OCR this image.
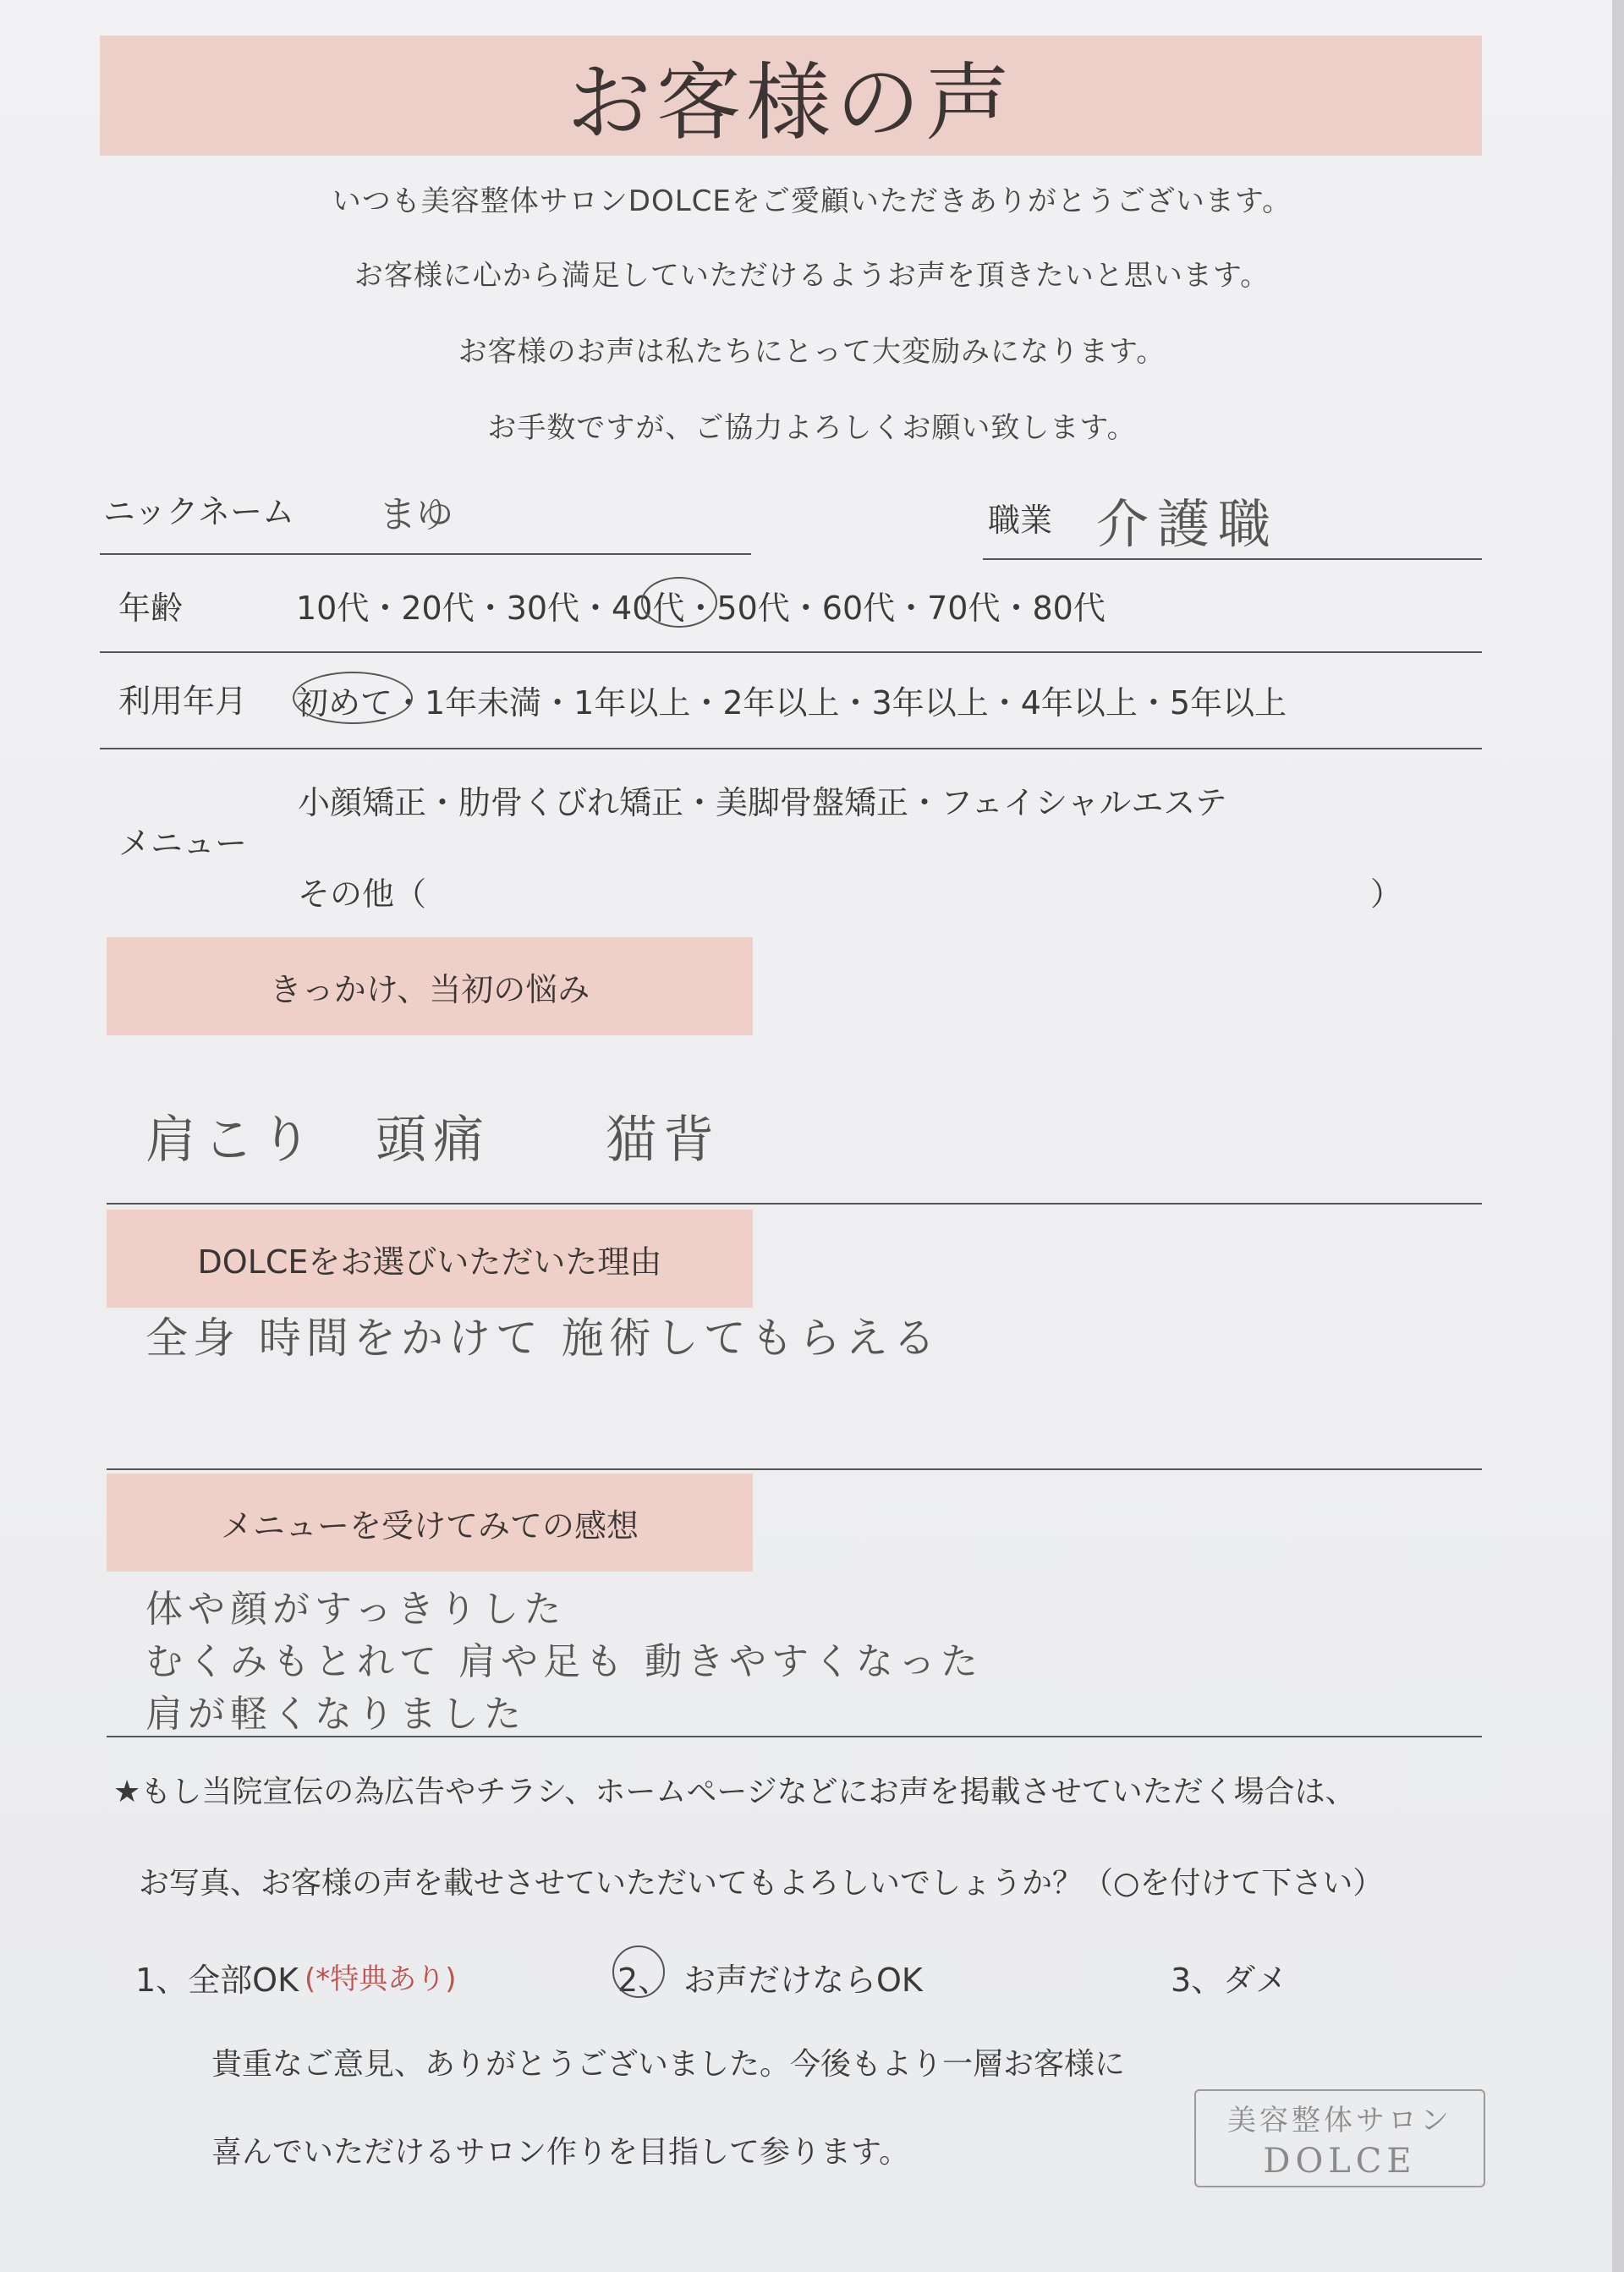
お客様の声
いつも美容整体サロンDOLCEをご愛顧いただきありがとうございます。
お客様に心から満足していただけるようお声を頂きたいと思います。
お客様のお声は私たちにとって大変励みになります。
お手数ですが、ご協力よろしくお願い致します。
ニックネーム まゆ	職業 介護職
年齢	10代・20代・30代・40代・50代・60代・70代・80代
利用年月 初めて・1年未満・1年以上・2年以上・3年以上・4年以上・5年以上
メニュー
小顔矯正・肋骨くびれ矯正・美脚骨盤矯正・フェイシャルエステ
その他（	）
きっかけ、当初の悩み
肩こり　頭痛　　猫背
DOLCEをお選びいただいた理由
全身 時間をかけて 施術してもらえる
メニューを受けてみての感想
体や顔がすっきりした
むくみもとれて 肩や足も 動きやすくなった
肩が軽くなりました
★もし当院宣伝の為広告やチラシ、ホームページなどにお声を掲載させていただく場合は、
お写真、お客様の声を載せさせていただいてもよろしいでしょうか？（○を付けて下さい）
1、全部OK (*特典あり)	2、 お声だけならOK	3、ダメ
貴重なご意見、ありがとうございました。今後もより一層お客様に
喜んでいただけるサロン作りを目指して参ります。
美容整体サロン
DOLCE
